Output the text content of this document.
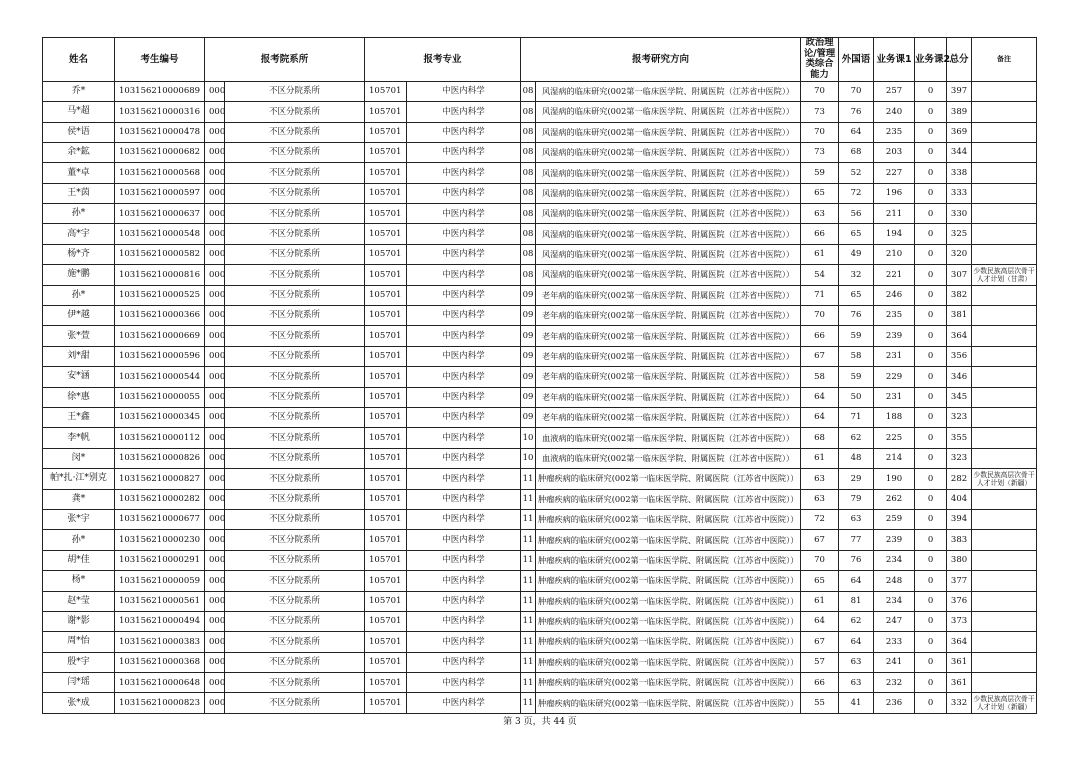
姓名	考生编号	报考院系所		报考专业		报考研究方向		政治理论/管理类综合能力	外国语	业务课1	业务课2	总分	备注
乔*	103156210000689	000	不区分院系所	105701	中医内科学	08	风湿病的临床研究(002第一临床医学院、附属医院（江苏省中医院））	70	70	257	0	397	
马*超	103156210000316	000	不区分院系所	105701	中医内科学	08	风湿病的临床研究(002第一临床医学院、附属医院（江苏省中医院））	73	76	240	0	389	
侯*语	103156210000478	000	不区分院系所	105701	中医内科学	08	风湿病的临床研究(002第一临床医学院、附属医院（江苏省中医院））	70	64	235	0	369	
余*鉱	103156210000682	000	不区分院系所	105701	中医内科学	08	风湿病的临床研究(002第一临床医学院、附属医院（江苏省中医院））	73	68	203	0	344	
董*卓	103156210000568	000	不区分院系所	105701	中医内科学	08	风湿病的临床研究(002第一临床医学院、附属医院（江苏省中医院））	59	52	227	0	338	
王*茵	103156210000597	000	不区分院系所	105701	中医内科学	08	风湿病的临床研究(002第一临床医学院、附属医院（江苏省中医院））	65	72	196	0	333	
孙*	103156210000637	000	不区分院系所	105701	中医内科学	08	风湿病的临床研究(002第一临床医学院、附属医院（江苏省中医院））	63	56	211	0	330	
高*宇	103156210000548	000	不区分院系所	105701	中医内科学	08	风湿病的临床研究(002第一临床医学院、附属医院（江苏省中医院））	66	65	194	0	325	
杨*齐	103156210000582	000	不区分院系所	105701	中医内科学	08	风湿病的临床研究(002第一临床医学院、附属医院（江苏省中医院））	61	49	210	0	320	
施*鹏	103156210000816	000	不区分院系所	105701	中医内科学	08	风湿病的临床研究(002第一临床医学院、附属医院（江苏省中医院））	54	32	221	0	307	少数民族高层次骨干人才计划（甘肃）
孙*	103156210000525	000	不区分院系所	105701	中医内科学	09	老年病的临床研究(002第一临床医学院、附属医院（江苏省中医院））	71	65	246	0	382	
伊*越	103156210000366	000	不区分院系所	105701	中医内科学	09	老年病的临床研究(002第一临床医学院、附属医院（江苏省中医院））	70	76	235	0	381	
张*萱	103156210000669	000	不区分院系所	105701	中医内科学	09	老年病的临床研究(002第一临床医学院、附属医院（江苏省中医院））	66	59	239	0	364	
刘*甜	103156210000596	000	不区分院系所	105701	中医内科学	09	老年病的临床研究(002第一临床医学院、附属医院（江苏省中医院））	67	58	231	0	356	
安*涵	103156210000544	000	不区分院系所	105701	中医内科学	09	老年病的临床研究(002第一临床医学院、附属医院（江苏省中医院））	58	59	229	0	346	
徐*惠	103156210000055	000	不区分院系所	105701	中医内科学	09	老年病的临床研究(002第一临床医学院、附属医院（江苏省中医院））	64	50	231	0	345	
王*鑫	103156210000345	000	不区分院系所	105701	中医内科学	09	老年病的临床研究(002第一临床医学院、附属医院（江苏省中医院））	64	71	188	0	323	
李*帆	103156210000112	000	不区分院系所	105701	中医内科学	10	血液病的临床研究(002第一临床医学院、附属医院（江苏省中医院））	68	62	225	0	355	
闵*	103156210000826	000	不区分院系所	105701	中医内科学	10	血液病的临床研究(002第一临床医学院、附属医院（江苏省中医院））	61	48	214	0	323	
帕*扎·江*别克	103156210000827	000	不区分院系所	105701	中医内科学	11	肿瘤疾病的临床研究(002第一临床医学院、附属医院（江苏省中医院））	63	29	190	0	282	少数民族高层次骨干人才计划（新疆）
龚*	103156210000282	000	不区分院系所	105701	中医内科学	11	肿瘤疾病的临床研究(002第一临床医学院、附属医院（江苏省中医院））	63	79	262	0	404	
张*宇	103156210000677	000	不区分院系所	105701	中医内科学	11	肿瘤疾病的临床研究(002第一临床医学院、附属医院（江苏省中医院））	72	63	259	0	394	
孙*	103156210000230	000	不区分院系所	105701	中医内科学	11	肿瘤疾病的临床研究(002第一临床医学院、附属医院（江苏省中医院））	67	77	239	0	383	
胡*佳	103156210000291	000	不区分院系所	105701	中医内科学	11	肿瘤疾病的临床研究(002第一临床医学院、附属医院（江苏省中医院））	70	76	234	0	380	
杨*	103156210000059	000	不区分院系所	105701	中医内科学	11	肿瘤疾病的临床研究(002第一临床医学院、附属医院（江苏省中医院））	65	64	248	0	377	
赵*莹	103156210000561	000	不区分院系所	105701	中医内科学	11	肿瘤疾病的临床研究(002第一临床医学院、附属医院（江苏省中医院））	61	81	234	0	376	
谢*影	103156210000494	000	不区分院系所	105701	中医内科学	11	肿瘤疾病的临床研究(002第一临床医学院、附属医院（江苏省中医院））	64	62	247	0	373	
周*怡	103156210000383	000	不区分院系所	105701	中医内科学	11	肿瘤疾病的临床研究(002第一临床医学院、附属医院（江苏省中医院））	67	64	233	0	364	
殷*宇	103156210000368	000	不区分院系所	105701	中医内科学	11	肿瘤疾病的临床研究(002第一临床医学院、附属医院（江苏省中医院））	57	63	241	0	361	
闫*瑶	103156210000648	000	不区分院系所	105701	中医内科学	11	肿瘤疾病的临床研究(002第一临床医学院、附属医院（江苏省中医院））	66	63	232	0	361	
张*成	103156210000823	000	不区分院系所	105701	中医内科学	11	肿瘤疾病的临床研究(002第一临床医学院、附属医院（江苏省中医院））	55	41	236	0	332	少数民族高层次骨干人才计划（新疆）
第 3 页，共 44 页
